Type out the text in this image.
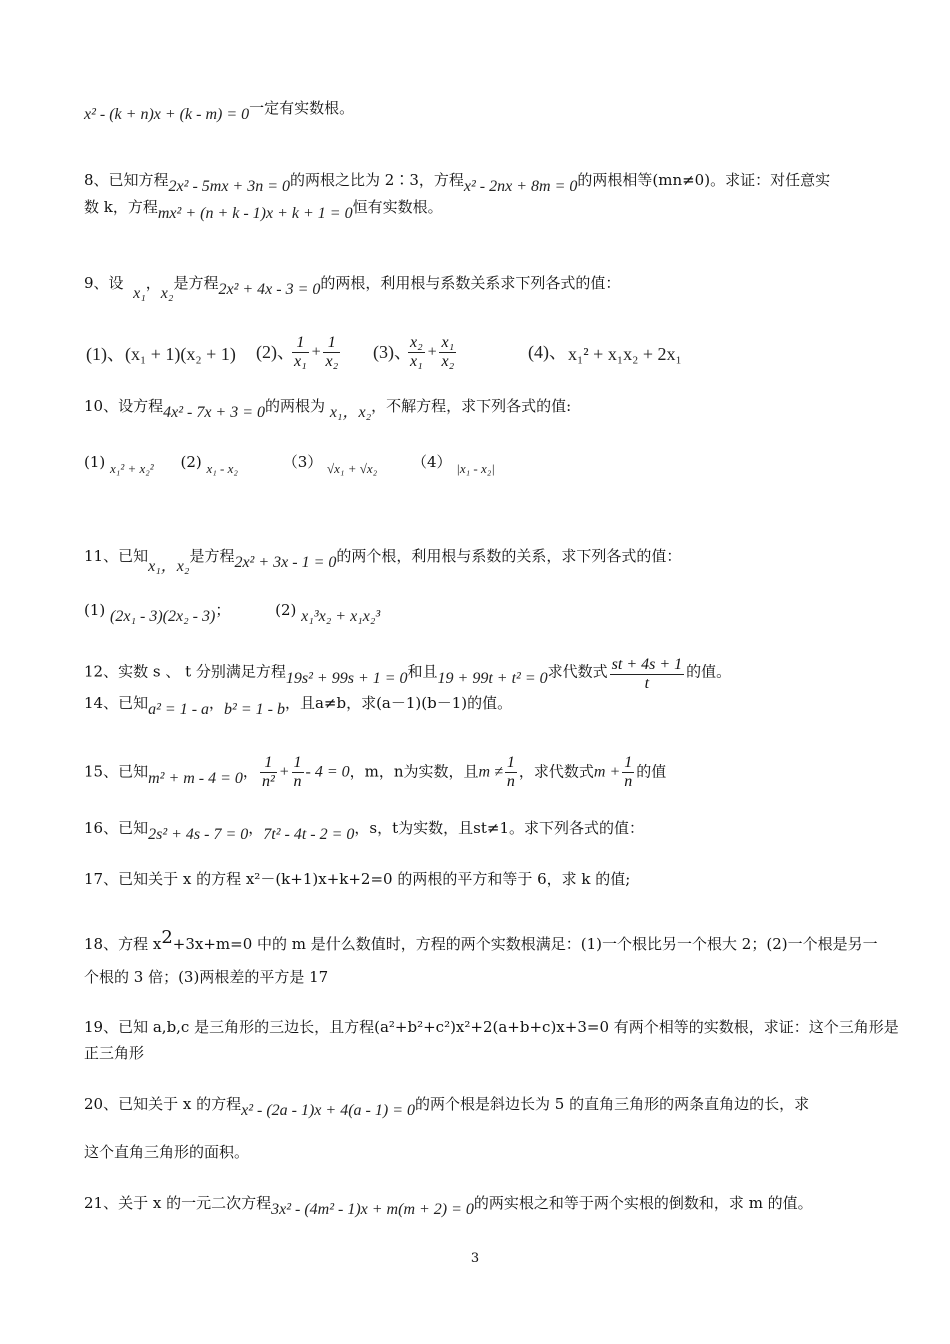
x² - (k + n)x + (k - m) = 0一定有实数根。
8、已知方程2x² - 5mx + 3n = 0的两根之比为 2∶3，方程x² - 2nx + 8m = 0的两根相等(mn≠0)。求证：对任意实
数 k，方程mx² + (n + k - 1)x + k + 1 = 0恒有实数根。
9、设  x₁，x₂是方程2x² + 4x - 3 = 0的两根，利用根与系数关系求下列各式的值：
(1)、(x₁ + 1)(x₂ + 1) (2)、
$\frac{1}{\text{x₁}} + \frac{1}{\text{x₂}} (3)$、
$\frac{\text{x₂}}{\text{x₁}} + \frac{\text{x₁}}{\text{x₂}}$	(4)、 x₁² + x₁x₂ + 2x₁
10、设方程4x² - 7x + 3 = 0的两根为 x₁，x₂，不解方程，求下列各式的值:
(1) x₁² + x₂² (2) x₁ - x₂	（3） √x₁ + √x₂ （4） |x₁ - x₂|
11、已知x₁，x₂是方程2x² + 3x - 1 = 0的两个根，利用根与系数的关系，求下列各式的值：
(1) (2x₁ - 3)(2x₂ - 3)；	(2) x₁³x₂ + x₁x₂³
12、实数 s 、 t 分别满足方程19s² + 99s + 1 = 0和且19 + 99t + t² = 0求代数式 $\frac{st + 4s + 1}{t}$ 的值。
14、已知a² = 1 - a，b² = 1 - b，且a≠b，求(a－1)(b－1)的值。
15、已知m² + m - 4 = 0， $\frac{1}{\text{n²}} + \frac{1}{n} - 4 = 0$，m，n为实数，且$m \ne \frac{1}{n}$ ，求代数式$m + \frac{1}{n}$ 的值
16、已知2s² + 4s - 7 = 0，7t² - 4t - 2 = 0，s，t为实数，且st≠1。求下列各式的值：
17、已知关于 x 的方程 x²－(k+1)x+k+2=0 的两根的平方和等于 6，求 k 的值;
18、方程 $x^2+3x+m=0$ 中的 m 是什么数值时，方程的两个实数根满足：(1)一个根比另一个根大 2；(2)一个根是另一
个根的 3 倍；(3)两根差的平方是 17
19、已知 a,b,c 是三角形的三边长，且方程(a²+b²+c²)x²+2(a+b+c)x+3=0 有两个相等的实数根，求证：这个三角形是
正三角形
20、已知关于 x 的方程x² - (2a - 1)x + 4(a - 1) = 0的两个根是斜边长为 5 的直角三角形的两条直角边的长，求
这个直角三角形的面积。
21、关于 x 的一元二次方程3x² - (4m² - 1)x + m(m + 2) = 0的两实根之和等于两个实根的倒数和，求 m 的值。
3
